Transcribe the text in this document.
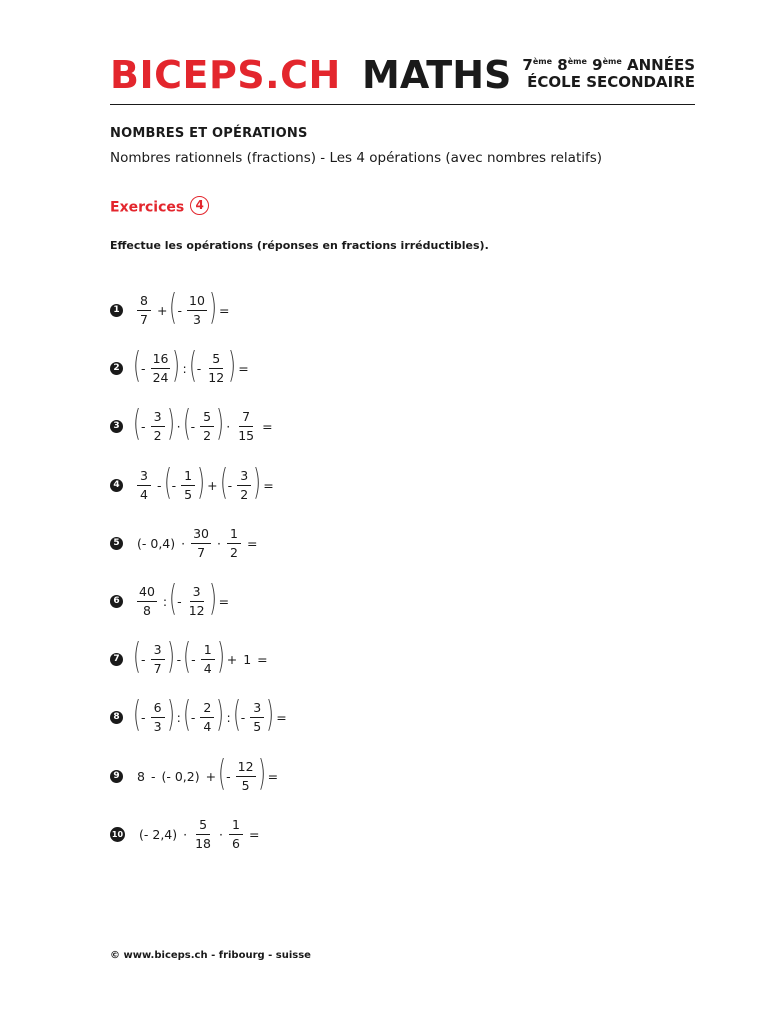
BICEPS.CH MATHS 7ème 8ème 9ème ANNÉES
ÉCOLE SECONDAIRE
NOMBRES ET OPÉRATIONS
Nombres rationnels (fractions) - Les 4 opérations (avec nombres relatifs)
Exercices 4
Effectue les opérations (réponses en fractions irréductibles).
$1 \frac{8}{7}$ + ( - $\frac{10}{3}$ ) =
2 ( - $\frac{16}{24}$ ) : ( - $\frac{5}{12}$ ) =
3 ( - $\frac{3}{2}$ ) · ( - $\frac{5}{2}$ ) · $\frac{7}{15}$ =
$4 \frac{3}{4}$ - ( - $\frac{1}{5}$ ) + ( - $\frac{3}{2}$ ) =
5 (- $0,4) \cdot \frac{30}{7} \cdot \frac{1}{2}$ =
$6 \frac{40}{8}$ : ( - $\frac{3}{12}$ ) =
7 ( - $\frac{3}{7}$ ) - ( - $\frac{1}{4}$ ) + 1 =
8 ( - $\frac{6}{3}$ ) : ( - $\frac{2}{4}$ ) : ( - $\frac{3}{5}$ ) =
9 8 - (- 0,2) + ( - $\frac{12}{5}$ ) =
10 (- $2,4) \cdot \frac{5}{18} \cdot \frac{1}{6}$ =
© www.biceps.ch - fribourg - suisse
